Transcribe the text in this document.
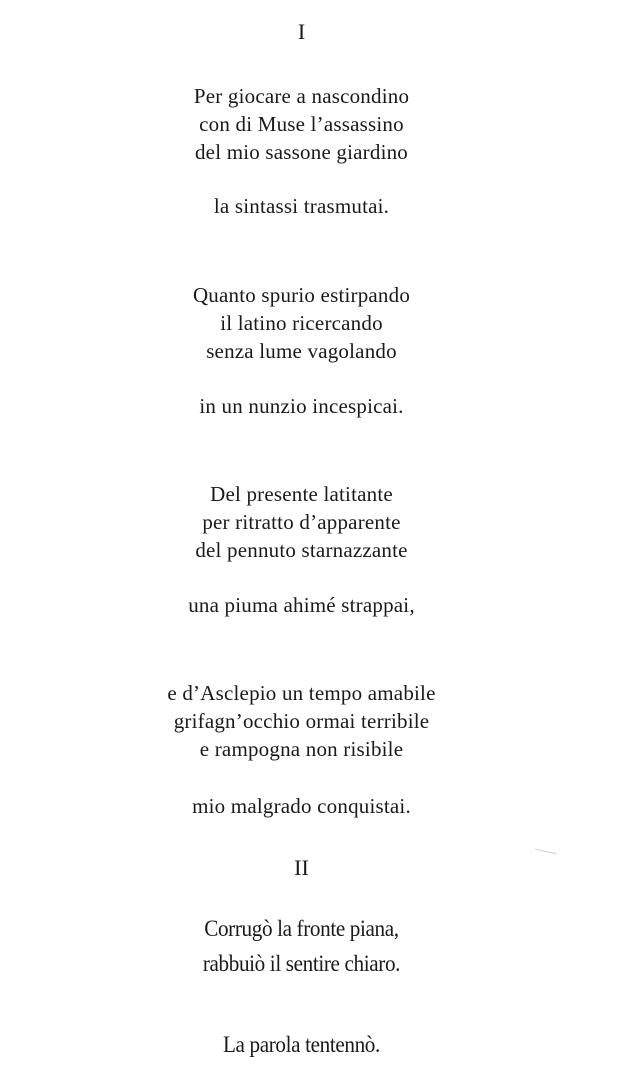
I
Per giocare a nascondino
con di Muse l’assassino
del mio sassone giardino
la sintassi trasmutai.
Quanto spurio estirpando
il latino ricercando
senza lume vagolando
in un nunzio incespicai.
Del presente latitante
per ritratto d’apparente
del pennuto starnazzante
una piuma ahimé strappai,
e d’Asclepio un tempo amabile
grifagn’occhio ormai terribile
e rampogna non risibile
mio malgrado conquistai.
II
Corrugò la fronte piana,
rabbuiò il sentire chiaro.
La parola tentennò.
